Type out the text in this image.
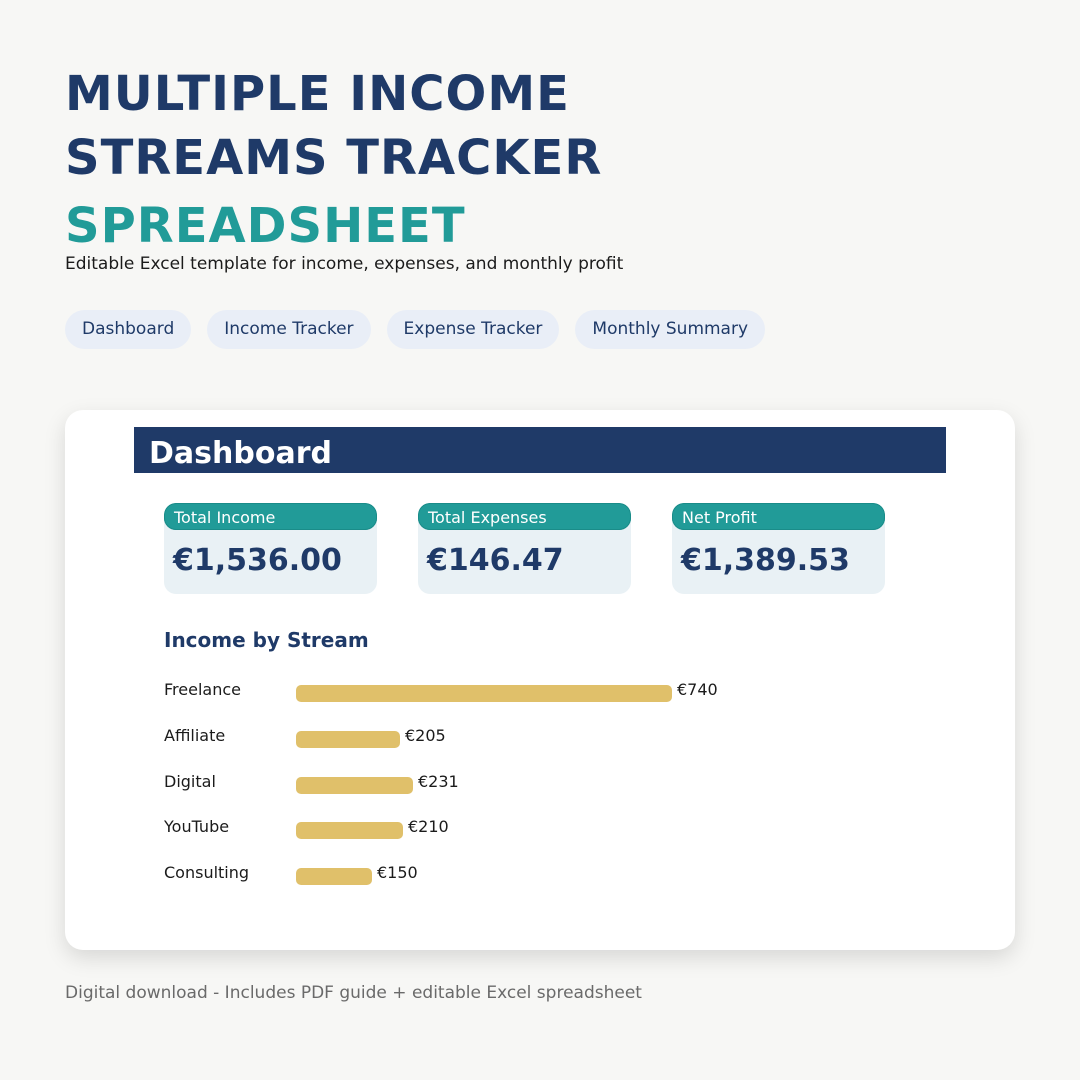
MULTIPLE INCOME
STREAMS TRACKER
SPREADSHEET

Editable Excel template for income, expenses, and monthly profit

Dashboard	Income Tracker	Expense Tracker	Monthly Summary
Dashboard
Total Income
€1,536.00
Total Expenses
€146.47
Net Profit
€1,389.53
Income by Stream
Freelance	€740
Affiliate	€205
Digital	€231
YouTube	€210
Consulting	€150
Digital download - Includes PDF guide + editable Excel spreadsheet
